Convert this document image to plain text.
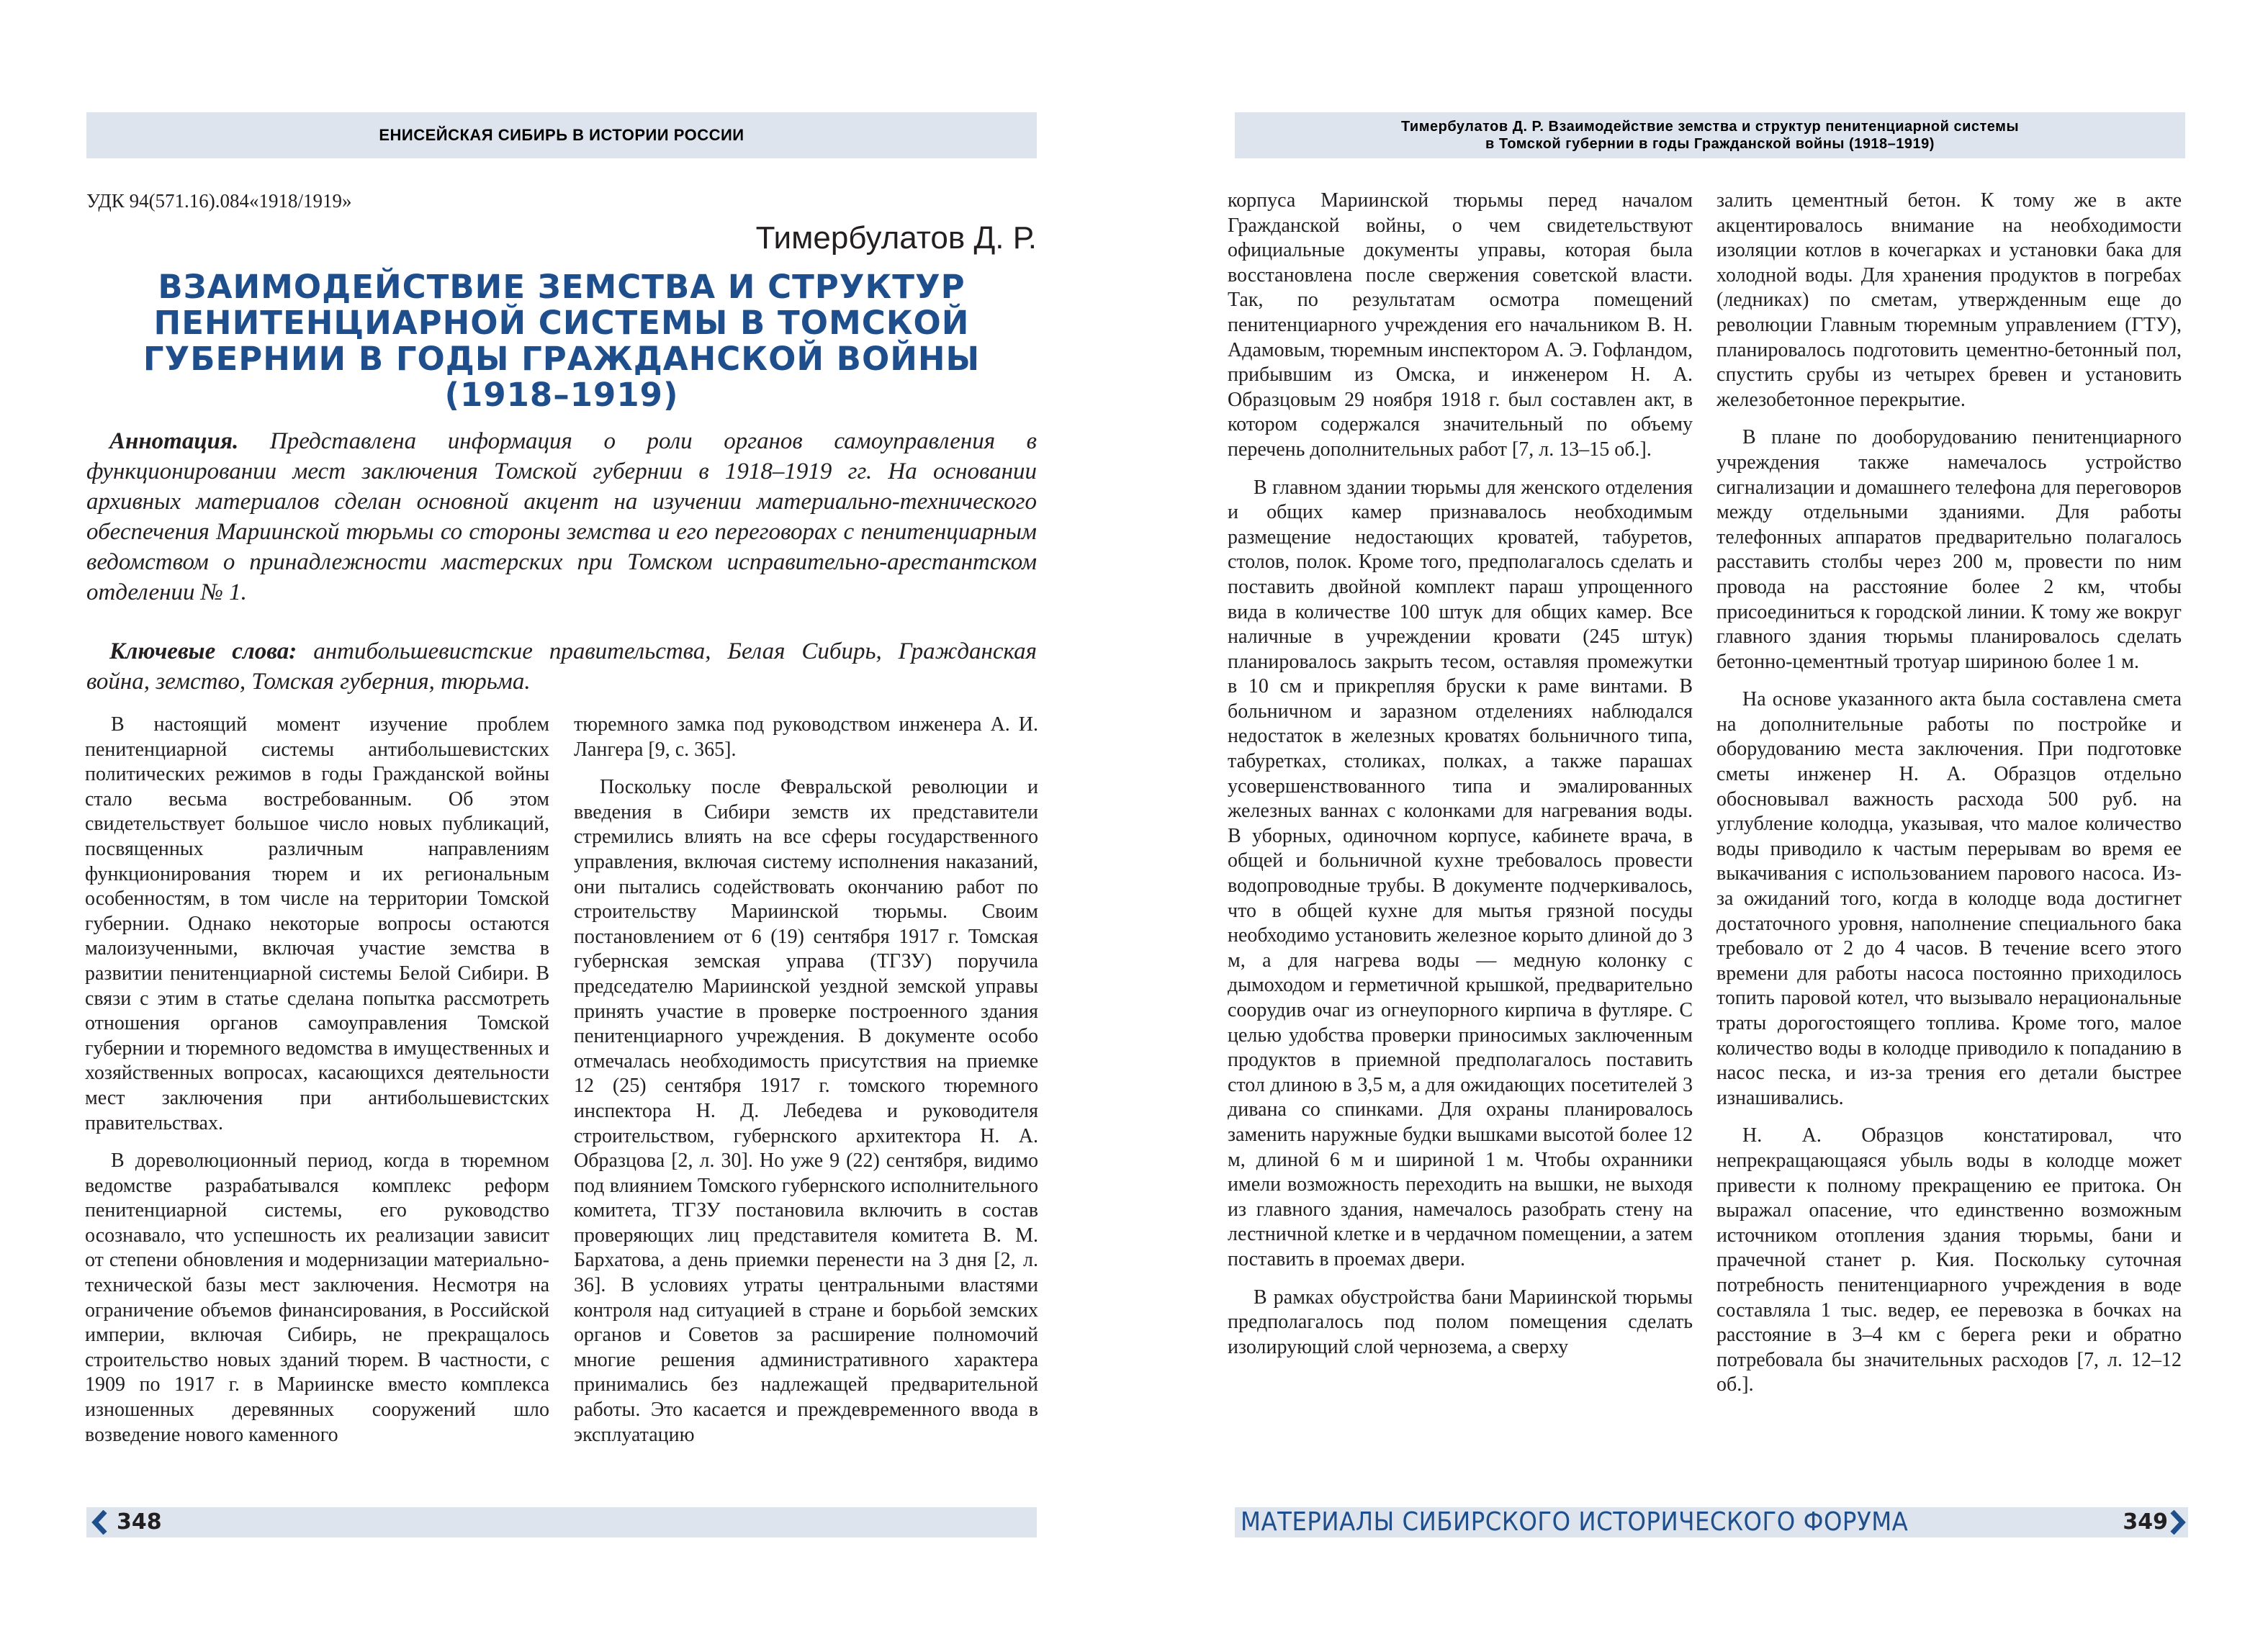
ЕНИСЕЙСКАЯ СИБИРЬ В ИСТОРИИ РОССИИ
УДК 94(571.16).084«1918/1919»
Тимербулатов Д. Р.
ВЗАИМОДЕЙСТВИЕ ЗЕМСТВА И СТРУКТУР ПЕНИТЕНЦИАРНОЙ СИСТЕМЫ В ТОМСКОЙ ГУБЕРНИИ В ГОДЫ ГРАЖДАНСКОЙ ВОЙНЫ (1918–1919)

Аннотация. Представлена информация о роли органов самоуправления в функционировании мест заключения Томской губернии в 1918–1919 гг. На основании архивных материалов сделан основной акцент на изучении материально-технического обеспечения Мариинской тюрьмы со стороны земства и его переговорах с пенитенциарным ведомством о принадлежности мастерских при Томском исправительно-арестантском отделении № 1.

Ключевые слова: антибольшевистские правительства, Белая Сибирь, Гражданская война, земство, Томская губерния, тюрьма.

В настоящий момент изучение проблем пенитенциарной системы антибольшевистских политических режимов в годы Гражданской войны стало весьма востребованным. Об этом свидетельствует большое число новых публикаций, посвященных различным направлениям функционирования тюрем и их региональным особенностям, в том числе на территории Томской губернии. Однако некоторые вопросы остаются малоизученными, включая участие земства в развитии пенитенциарной системы Белой Сибири. В связи с этим в статье сделана попытка рассмотреть отношения органов самоуправления Томской губернии и тюремного ведомства в имущественных и хозяйственных вопросах, касающихся деятельности мест заключения при антибольшевистских правительствах.

В дореволюционный период, когда в тюремном ведомстве разрабатывался комплекс реформ пенитенциарной системы, его руководство осознавало, что успешность их реализации зависит от степени обновления и модернизации материально-технической базы мест заключения. Несмотря на ограничение объемов финансирования, в Российской империи, включая Сибирь, не прекращалось строительство новых зданий тюрем. В частности, с 1909 по 1917 г. в Мариинске вместо комплекса изношенных деревянных сооружений шло возведение нового каменного

тюремного замка под руководством инженера А. И. Лангера [9, с. 365].

Поскольку после Февральской революции и введения в Сибири земств их представители стремились влиять на все сферы государственного управления, включая систему исполнения наказаний, они пытались содействовать окончанию работ по строительству Мариинской тюрьмы. Своим постановлением от 6 (19) сентября 1917 г. Томская губернская земская управа (ТГЗУ) поручила председателю Мариинской уездной земской управы принять участие в проверке построенного здания пенитенциарного учреждения. В документе особо отмечалась необходимость присутствия на приемке 12 (25) сентября 1917 г. томского тюремного инспектора Н. Д. Лебедева и руководителя строительством, губернского архитектора Н. А. Образцова [2, л. 30]. Но уже 9 (22) сентября, видимо под влиянием Томского губернского исполнительного комитета, ТГЗУ постановила включить в состав проверяющих лиц представителя комитета В. М. Бархатова, а день приемки перенести на 3 дня [2, л. 36]. В условиях утраты центральными властями контроля над ситуацией в стране и борьбой земских органов и Советов за расширение полномочий многие решения административного характера принимались без надлежащей предварительной работы. Это касается и преждевременного ввода в эксплуатацию

348
Тимербулатов Д. Р. Взаимодействие земства и структур пенитенциарной системы
в Томской губернии в годы Гражданской войны (1918–1919)

корпуса Мариинской тюрьмы перед началом Гражданской войны, о чем свидетельствуют официальные документы управы, которая была восстановлена после свержения советской власти. Так, по результатам осмотра помещений пенитенциарного учреждения его начальником В. Н. Адамовым, тюремным инспектором А. Э. Гофландом, прибывшим из Омска, и инженером Н. А. Образцовым 29 ноября 1918 г. был составлен акт, в котором содержался значительный по объему перечень дополнительных работ [7, л. 13–15 об.].

В главном здании тюрьмы для женского отделения и общих камер признавалось необходимым размещение недостающих кроватей, табуретов, столов, полок. Кроме того, предполагалось сделать и поставить двойной комплект параш упрощенного вида в количестве 100 штук для общих камер. Все наличные в учреждении кровати (245 штук) планировалось закрыть тесом, оставляя промежутки в 10 см и прикрепляя бруски к раме винтами. В больничном и заразном отделениях наблюдался недостаток в железных кроватях больничного типа, табуретках, столиках, полках, а также парашах усовершенствованного типа и эмалированных железных ваннах с колонками для нагревания воды. В уборных, одиночном корпусе, кабинете врача, в общей и больничной кухне требовалось провести водопроводные трубы. В документе подчеркивалось, что в общей кухне для мытья грязной посуды необходимо установить железное корыто длиной до 3 м, а для нагрева воды — медную колонку с дымоходом и герметичной крышкой, предварительно соорудив очаг из огнеупорного кирпича в футляре. С целью удобства проверки приносимых заключенным продуктов в приемной предполагалось поставить стол длиною в 3,5 м, а для ожидающих посетителей 3 дивана со спинками. Для охраны планировалось заменить наружные будки вышками высотой более 12 м, длиной 6 м и шириной 1 м. Чтобы охранники имели возможность переходить на вышки, не выходя из главного здания, намечалось разобрать стену на лестничной клетке и в чердачном помещении, а затем поставить в проемах двери.

В рамках обустройства бани Мариинской тюрьмы предполагалось под полом помещения сделать изолирующий слой чернозема, а сверху

залить цементный бетон. К тому же в акте акцентировалось внимание на необходимости изоляции котлов в кочегарках и установки бака для холодной воды. Для хранения продуктов в погребах (ледниках) по сметам, утвержденным еще до революции Главным тюремным управлением (ГТУ), планировалось подготовить цементно-бетонный пол, спустить срубы из четырех бревен и установить железобетонное перекрытие.

В плане по дооборудованию пенитенциарного учреждения также намечалось устройство сигнализации и домашнего телефона для переговоров между отдельными зданиями. Для работы телефонных аппаратов предварительно полагалось расставить столбы через 200 м, провести по ним провода на расстояние более 2 км, чтобы присоединиться к городской линии. К тому же вокруг главного здания тюрьмы планировалось сделать бетонно-цементный тротуар шириною более 1 м.

На основе указанного акта была составлена смета на дополнительные работы по постройке и оборудованию места заключения. При подготовке сметы инженер Н. А. Образцов отдельно обосновывал важность расхода 500 руб. на углубление колодца, указывая, что малое количество воды приводило к частым перерывам во время ее выкачивания с использованием парового насоса. Из-за ожиданий того, когда в колодце вода достигнет достаточного уровня, наполнение специального бака требовало от 2 до 4 часов. В течение всего этого времени для работы насоса постоянно приходилось топить паровой котел, что вызывало нерациональные траты дорогостоящего топлива. Кроме того, малое количество воды в колодце приводило к попаданию в насос песка, и из-за трения его детали быстрее изнашивались.

Н. А. Образцов констатировал, что непрекращающаяся убыль воды в колодце может привести к полному прекращению ее притока. Он выражал опасение, что единственно возможным источником отопления здания тюрьмы, бани и прачечной станет р. Кия. Поскольку суточная потребность пенитенциарного учреждения в воде составляла 1 тыс. ведер, ее перевозка в бочках на расстояние в 3–4 км с берега реки и обратно потребовала бы значительных расходов [7, л. 12–12 об.].

МАТЕРИАЛЫ СИБИРСКОГО ИСТОРИЧЕСКОГО ФОРУМА	349
